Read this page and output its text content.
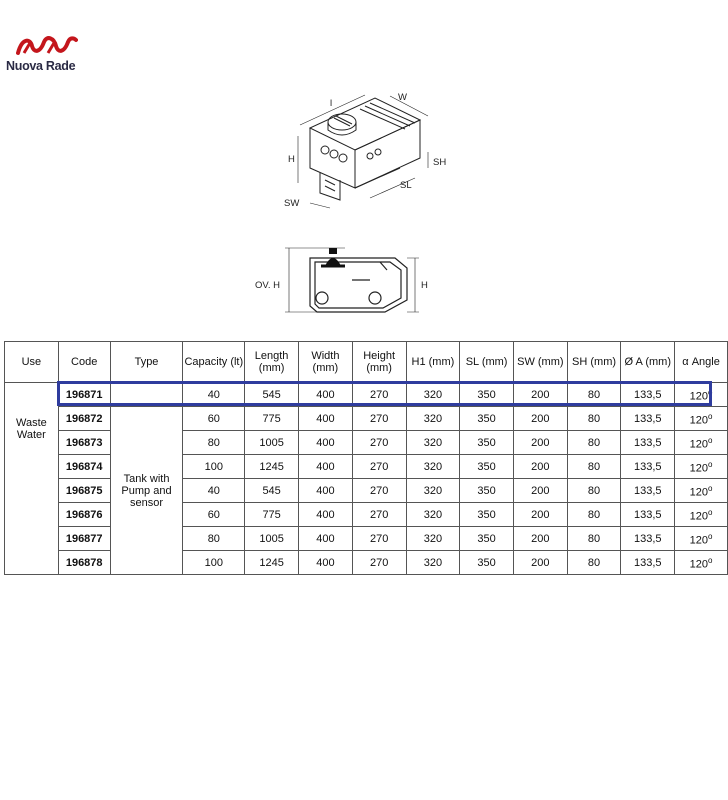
Nuova Rade
l
W
H	SH
SW
SL
OV. H	H
Use	Code	Type	Capacity (lt)	Length (mm)	Width (mm)	Height (mm)	H1 (mm)	SL (mm)	SW (mm)	SH (mm)	Ø A (mm)	α Angle
Waste Water	196871		40	545	400	270	320	350	200	80	133,5	120$^o$
	196872	Tank with Pump and sensor	60	775	400	270	320	350	200	80	133,5	120$^o$
	196873		80	1005	400	270	320	350	200	80	133,5	120$^o$
	196874		100	1245	400	270	320	350	200	80	133,5	120$^o$
	196875		40	545	400	270	320	350	200	80	133,5	120$^o$
	196876		60	775	400	270	320	350	200	80	133,5	120$^o$
	196877		80	1005	400	270	320	350	200	80	133,5	120$^o$
	196878		100	1245	400	270	320	350	200	80	133,5	120$^o$
